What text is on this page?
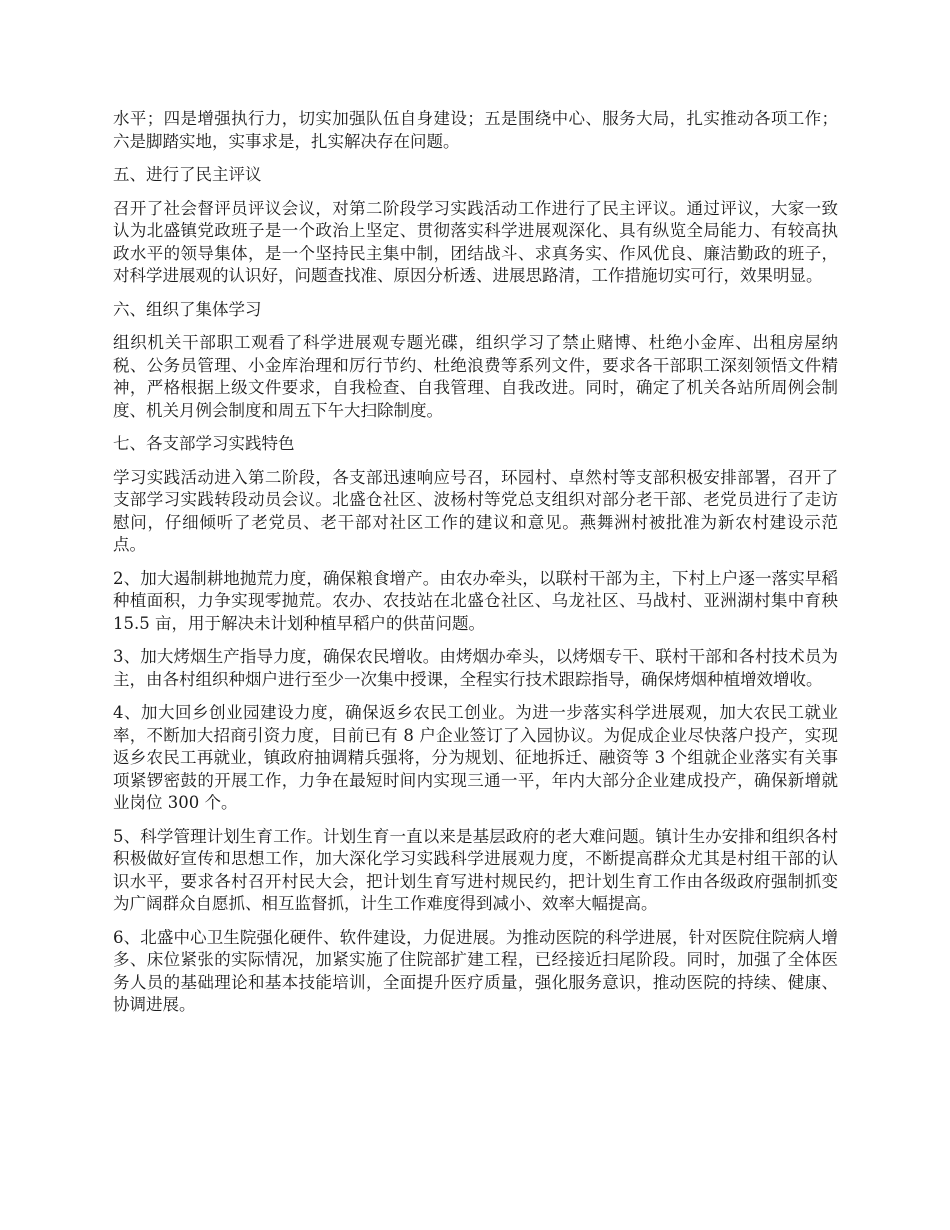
水平；四是增强执行力，切实加强队伍自身建设；五是围绕中心、服务大局，扎实推动各项工作；六是脚踏实地，实事求是，扎实解决存在问题。

五、进行了民主评议

召开了社会督评员评议会议，对第二阶段学习实践活动工作进行了民主评议。通过评议，大家一致认为北盛镇党政班子是一个政治上坚定、贯彻落实科学进展观深化、具有纵览全局能力、有较高执政水平的领导集体，是一个坚持民主集中制，团结战斗、求真务实、作风优良、廉洁勤政的班子，对科学进展观的认识好，问题查找准、原因分析透、进展思路清，工作措施切实可行，效果明显。

六、组织了集体学习

组织机关干部职工观看了科学进展观专题光碟，组织学习了禁止赌博、杜绝小金库、出租房屋纳税、公务员管理、小金库治理和厉行节约、杜绝浪费等系列文件，要求各干部职工深刻领悟文件精神，严格根据上级文件要求，自我检查、自我管理、自我改进。同时，确定了机关各站所周例会制度、机关月例会制度和周五下午大扫除制度。

七、各支部学习实践特色

学习实践活动进入第二阶段，各支部迅速响应号召，环园村、卓然村等支部积极安排部署，召开了支部学习实践转段动员会议。北盛仓社区、波杨村等党总支组织对部分老干部、老党员进行了走访慰问，仔细倾听了老党员、老干部对社区工作的建议和意见。燕舞洲村被批准为新农村建设示范点。

2、加大遏制耕地抛荒力度，确保粮食增产。由农办牵头，以联村干部为主，下村上户逐一落实早稻种植面积，力争实现零抛荒。农办、农技站在北盛仓社区、乌龙社区、马战村、亚洲湖村集中育秧 15.5 亩，用于解决未计划种植早稻户的供苗问题。

3、加大烤烟生产指导力度，确保农民增收。由烤烟办牵头，以烤烟专干、联村干部和各村技术员为主，由各村组织种烟户进行至少一次集中授课，全程实行技术跟踪指导，确保烤烟种植增效增收。

4、加大回乡创业园建设力度，确保返乡农民工创业。为进一步落实科学进展观，加大农民工就业率，不断加大招商引资力度，目前已有 8 户企业签订了入园协议。为促成企业尽快落户投产，实现返乡农民工再就业，镇政府抽调精兵强将，分为规划、征地拆迁、融资等 3 个组就企业落实有关事项紧锣密鼓的开展工作，力争在最短时间内实现三通一平，年内大部分企业建成投产，确保新增就业岗位 300 个。

5、科学管理计划生育工作。计划生育一直以来是基层政府的老大难问题。镇计生办安排和组织各村积极做好宣传和思想工作，加大深化学习实践科学进展观力度，不断提高群众尤其是村组干部的认识水平，要求各村召开村民大会，把计划生育写进村规民约，把计划生育工作由各级政府强制抓变为广阔群众自愿抓、相互监督抓，计生工作难度得到减小、效率大幅提高。

6、北盛中心卫生院强化硬件、软件建设，力促进展。为推动医院的科学进展，针对医院住院病人增多、床位紧张的实际情况，加紧实施了住院部扩建工程，已经接近扫尾阶段。同时，加强了全体医务人员的基础理论和基本技能培训，全面提升医疗质量，强化服务意识，推动医院的持续、健康、协调进展。
